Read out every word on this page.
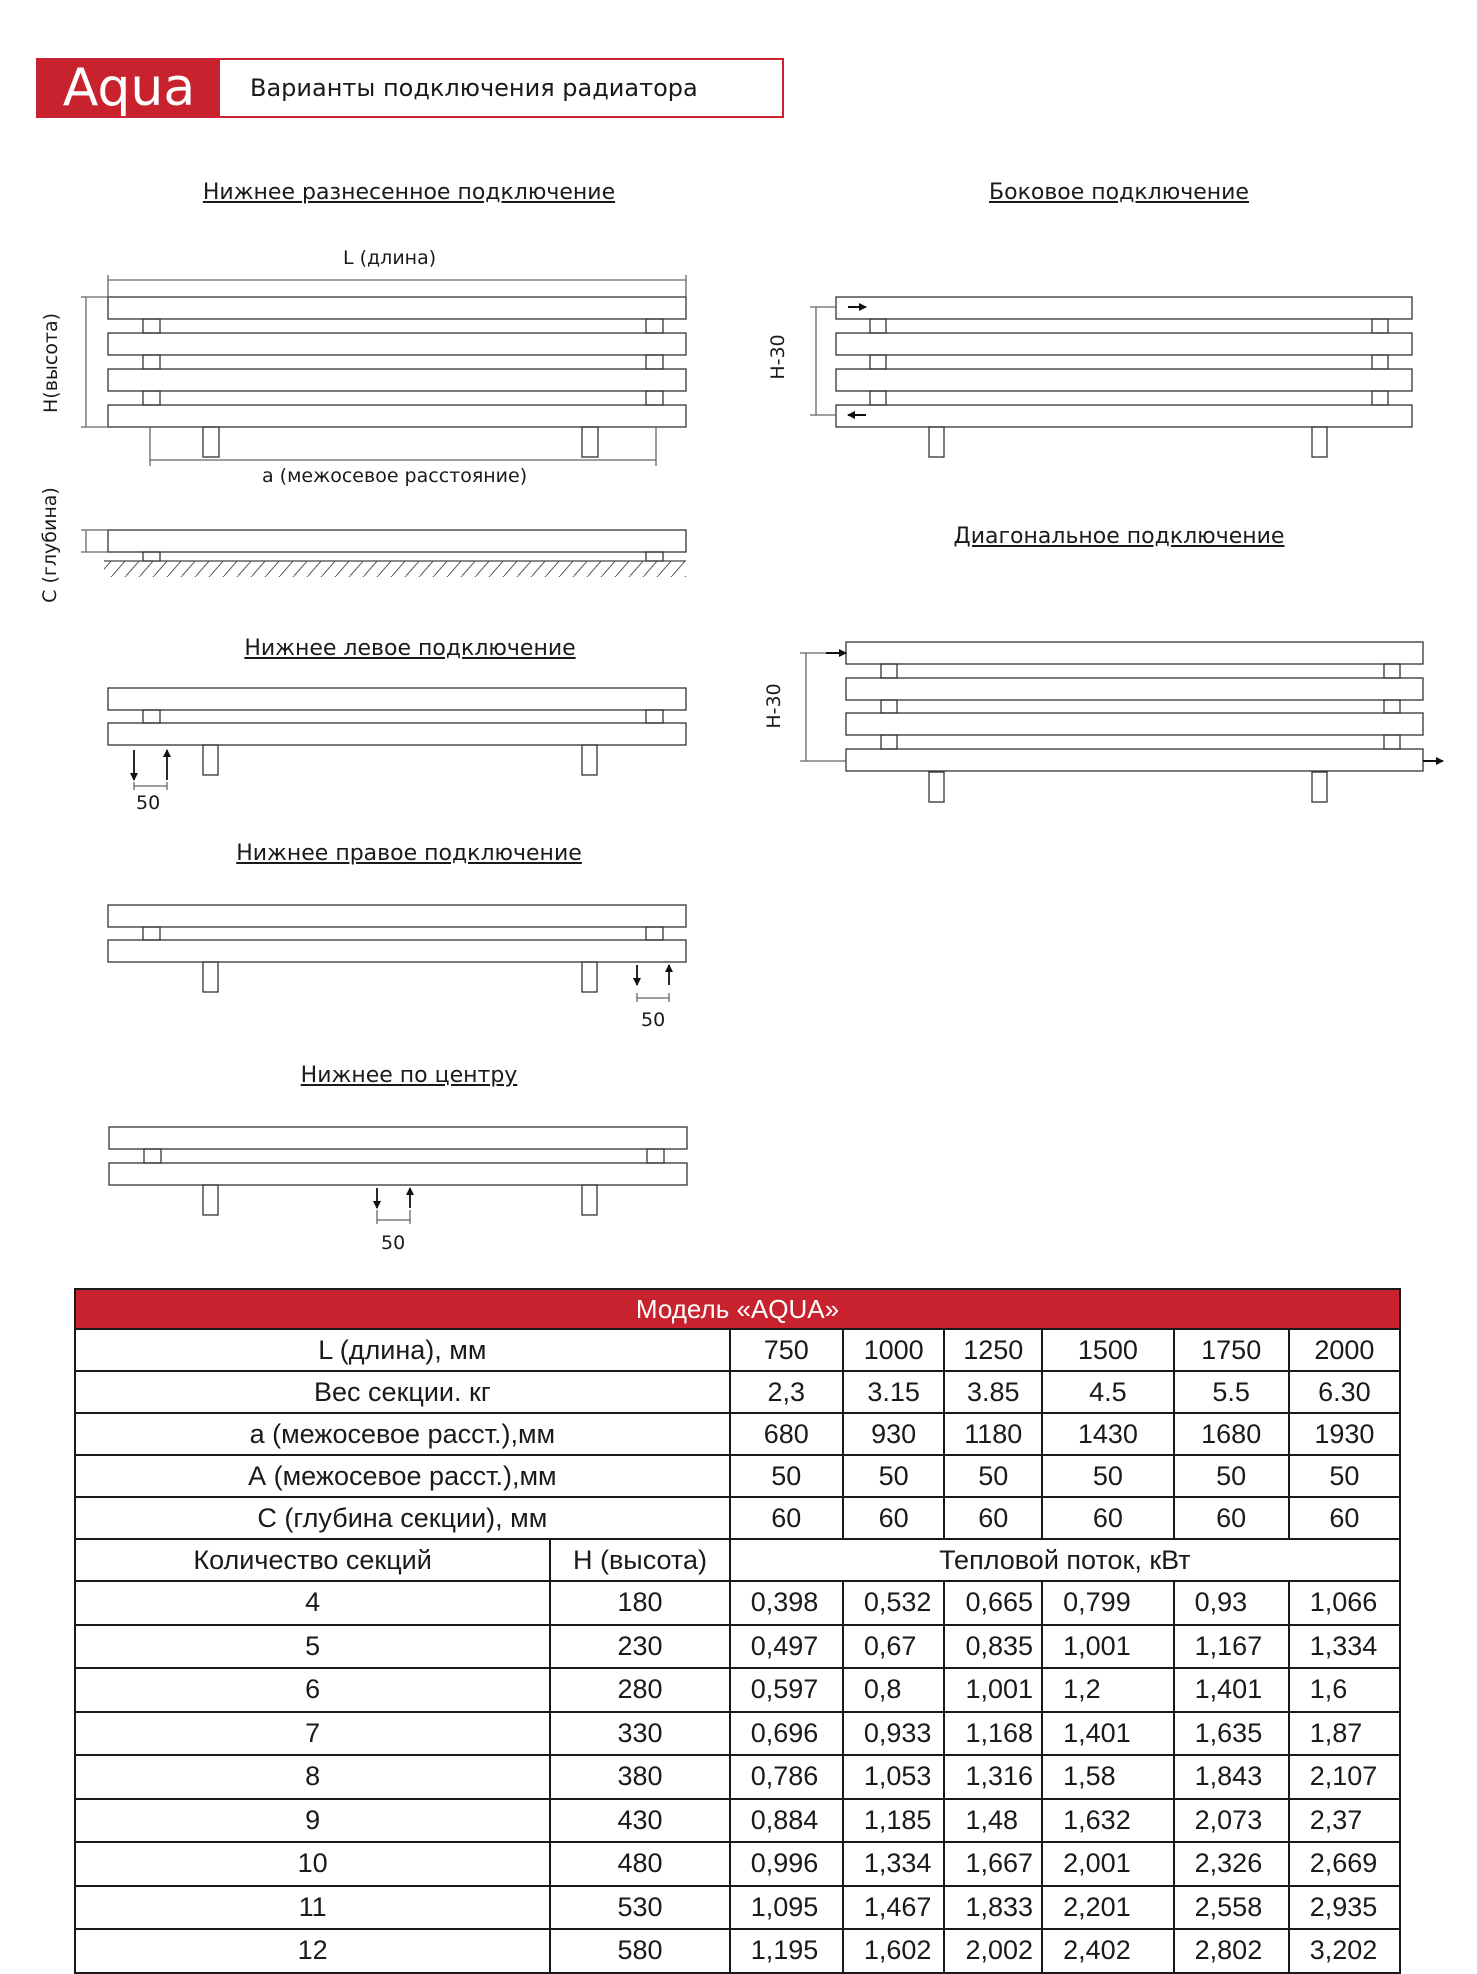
Aqua	Варианты подключения радиатора
Нижнее разнесенное подключение	Боковое подключение
Диагональное подключение
Нижнее левое подключение
Нижнее правое подключение
Нижнее по центру
L (длина)
а (межосевое расстояние)
H(высота)
C (глубина)
H-30
H-30
50
50
50
Модель «AQUA»							
L (длина), мм		750	1000	1250	1500	1750	2000
Вес секции. кг		2,3	3.15	3.85	4.5	5.5	6.30
а (межосевое расст.),мм		680	930	1180	1430	1680	1930
А (межосевое расст.),мм		50	50	50	50	50	50
С (глубина секции), мм		60	60	60	60	60	60
Количество секций	H (высота)	Тепловой поток, кВт					
4	180	0,398	0,532	0,665	0,799	0,93	1,066
5	230	0,497	0,67	0,835	1,001	1,167	1,334
6	280	0,597	0,8	1,001	1,2	1,401	1,6
7	330	0,696	0,933	1,168	1,401	1,635	1,87
8	380	0,786	1,053	1,316	1,58	1,843	2,107
9	430	0,884	1,185	1,48	1,632	2,073	2,37
10	480	0,996	1,334	1,667	2,001	2,326	2,669
11	530	1,095	1,467	1,833	2,201	2,558	2,935
12	580	1,195	1,602	2,002	2,402	2,802	3,202
